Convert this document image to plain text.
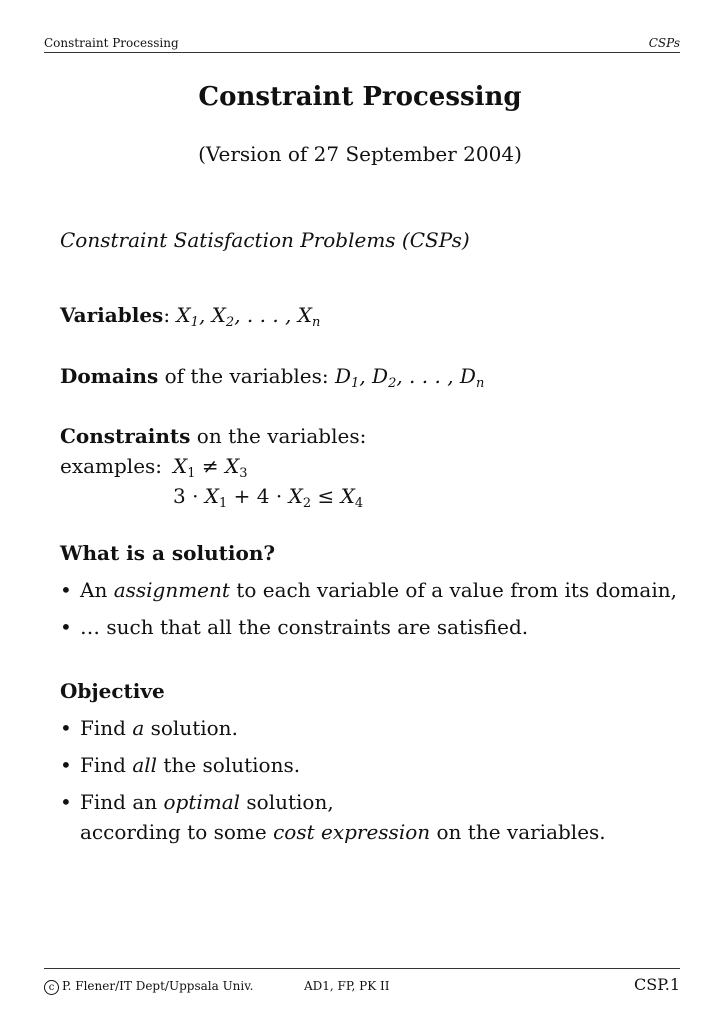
Constraint Processing	CSPs
Constraint Processing
(Version of 27 September 2004)
Constraint Satisfaction Problems (CSPs)
Variables: $X_1$, $X_2$, . . . , $X_n$
Domains of the variables: $D_1$, $D_2$, . . . , $D_n$
Constraints on the variables:
examples: $X_1 \ne X_3$
$3 \cdot X_1 + 4 \cdot X_2 \le X_4$
What is a solution?
• An assignment to each variable of a value from its domain,
• … such that all the constraints are satisfied.
Objective
• Find a solution.
• Find all the solutions.
• Find an optimal solution,
according to some cost expression on the variables.
c P. Flener/IT Dept/Uppsala Univ.	AD1, FP, PK II	CSP.1
